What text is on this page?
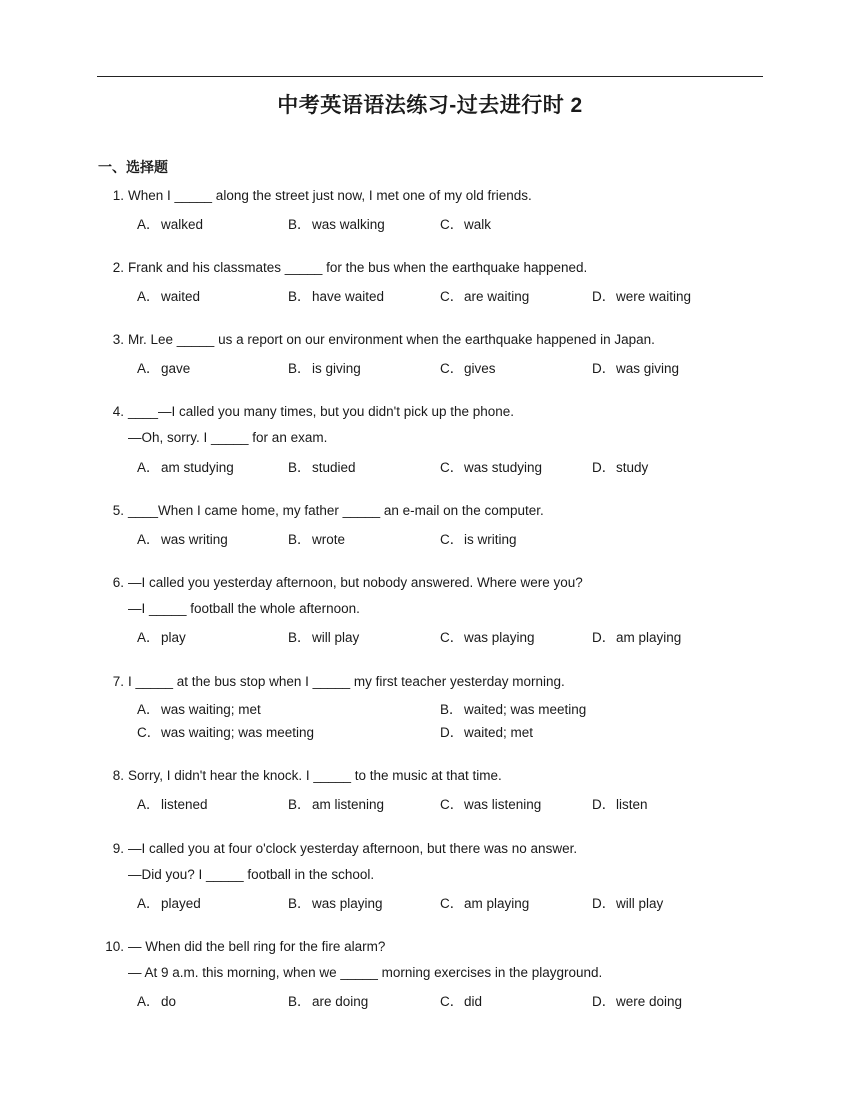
中考英语语法练习-过去进行时 2
一、选择题
1. When I _____ along the street just now, I met one of my old friends.
A．walked	B．was walking	C．walk
2. Frank and his classmates _____ for the bus when the earthquake happened.
A．waited	B．have waited	C．are waiting	D．were waiting
3. Mr. Lee _____ us a report on our environment when the earthquake happened in Japan.
A．gave	B．is giving	C．gives	D．was giving
4. ____—I called you many times, but you didn't pick up the phone.
—Oh, sorry. I _____ for an exam.
A．am studying	B．studied	C．was studying	D．study
5. ____When I came home, my father _____ an e-mail on the computer.
A．was writing	B．wrote	C．is writing
6. —I called you yesterday afternoon, but nobody answered. Where were you?
—I _____ football the whole afternoon.
A．play	B．will play	C．was playing	D．am playing
7. I _____ at the bus stop when I _____ my first teacher yesterday morning.
A．was waiting; met	B．waited; was meeting
C．was waiting; was meeting	D．waited; met
8. Sorry, I didn't hear the knock. I _____ to the music at that time.
A．listened	B．am listening	C．was listening	D．listen
9. —I called you at four o'clock yesterday afternoon, but there was no answer.
—Did you? I _____ football in the school.
A．played	B．was playing	C．am playing	D．will play
10. — When did the bell ring for the fire alarm?
— At 9 a.m. this morning, when we _____ morning exercises in the playground.
A．do	B．are doing	C．did	D．were doing
